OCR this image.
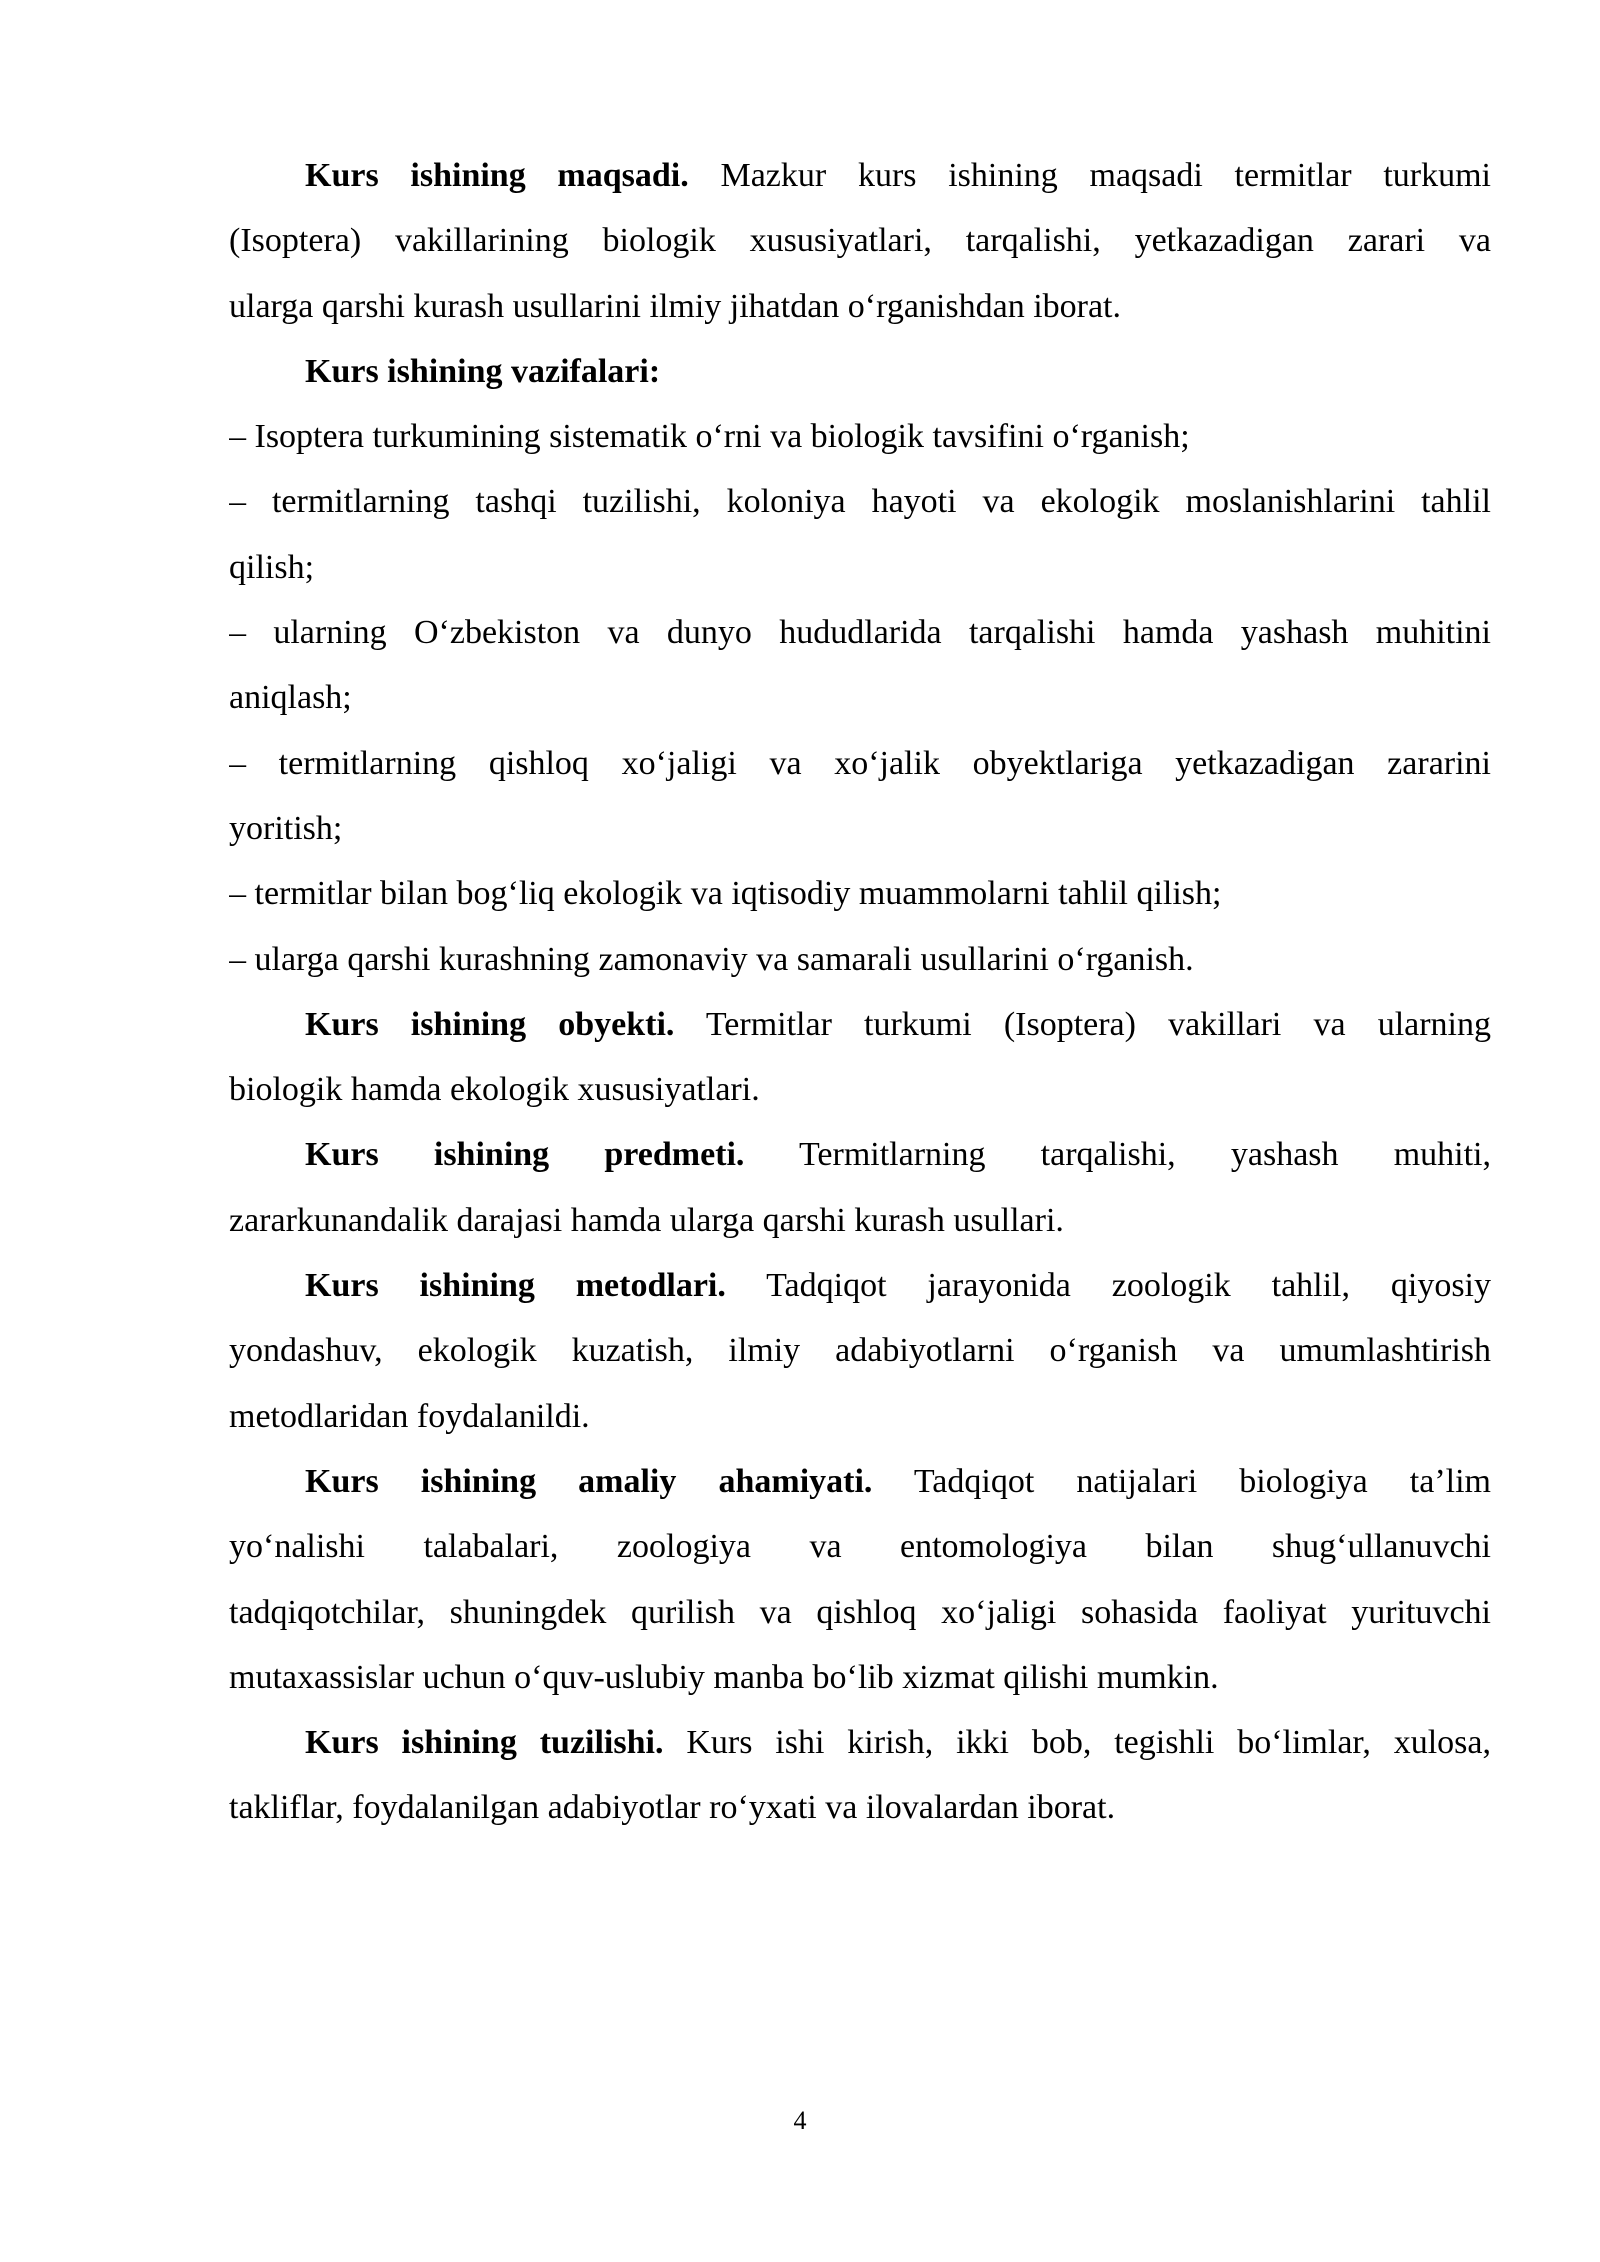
Kurs ishining maqsadi. Mazkur kurs ishining maqsadi termitlar turkumi
(Isoptera) vakillarining biologik xususiyatlari, tarqalishi, yetkazadigan zarari va
ularga qarshi kurash usullarini ilmiy jihatdan o‘rganishdan iborat.
Kurs ishining vazifalari:
– Isoptera turkumining sistematik o‘rni va biologik tavsifini o‘rganish;
– termitlarning tashqi tuzilishi, koloniya hayoti va ekologik moslanishlarini tahlil
qilish;
– ularning O‘zbekiston va dunyo hududlarida tarqalishi hamda yashash muhitini
aniqlash;
– termitlarning qishloq xo‘jaligi va xo‘jalik obyektlariga yetkazadigan zararini
yoritish;
– termitlar bilan bog‘liq ekologik va iqtisodiy muammolarni tahlil qilish;
– ularga qarshi kurashning zamonaviy va samarali usullarini o‘rganish.
Kurs ishining obyekti. Termitlar turkumi (Isoptera) vakillari va ularning
biologik hamda ekologik xususiyatlari.
Kurs ishining predmeti. Termitlarning tarqalishi, yashash muhiti,
zararkunandalik darajasi hamda ularga qarshi kurash usullari.
Kurs ishining metodlari. Tadqiqot jarayonida zoologik tahlil, qiyosiy
yondashuv, ekologik kuzatish, ilmiy adabiyotlarni o‘rganish va umumlashtirish
metodlaridan foydalanildi.
Kurs ishining amaliy ahamiyati. Tadqiqot natijalari biologiya ta’lim
yo‘nalishi talabalari, zoologiya va entomologiya bilan shug‘ullanuvchi
tadqiqotchilar, shuningdek qurilish va qishloq xo‘jaligi sohasida faoliyat yurituvchi
mutaxassislar uchun o‘quv-uslubiy manba bo‘lib xizmat qilishi mumkin.
Kurs ishining tuzilishi. Kurs ishi kirish, ikki bob, tegishli bo‘limlar, xulosa,
takliflar, foydalanilgan adabiyotlar ro‘yxati va ilovalardan iborat.
4
